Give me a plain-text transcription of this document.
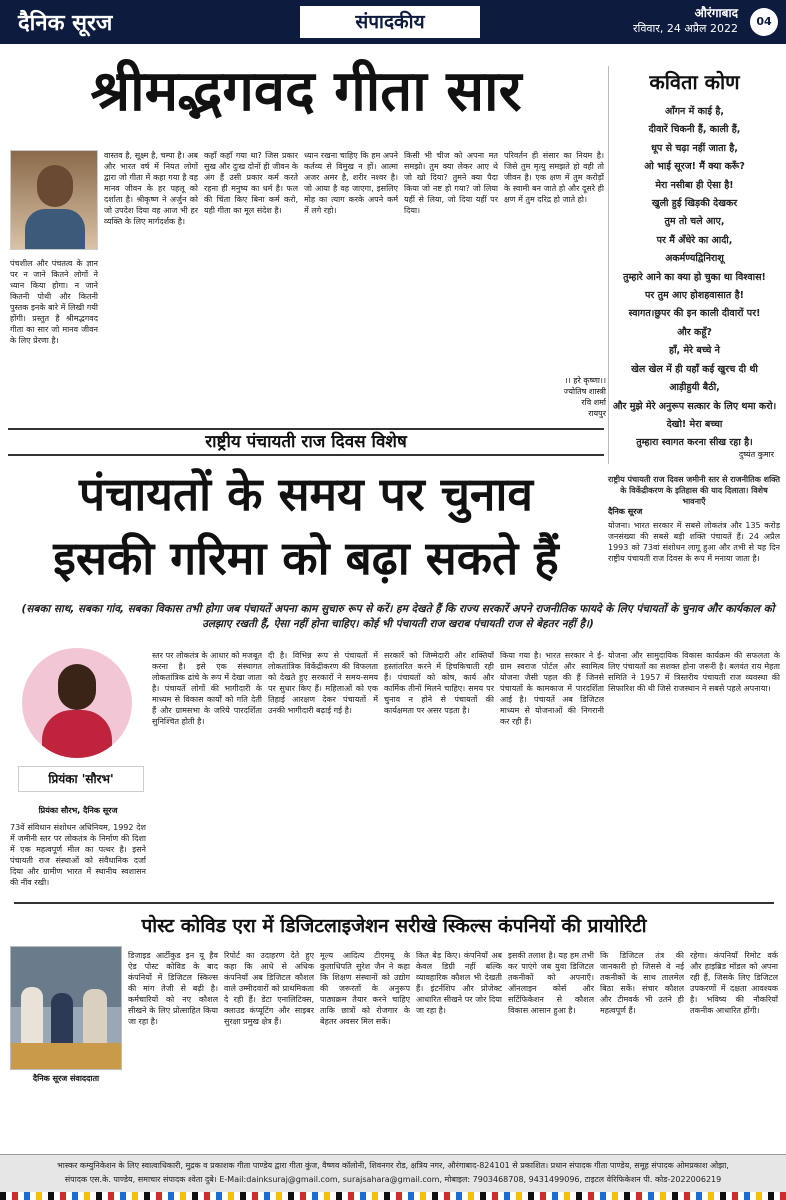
दैनिक सूरज	संपादकीय	औरंगाबाद
रविवार, 24 अप्रैल 2022
04
श्रीमद्भगवद गीता सार
पंचशील और पंचतत्व के ज्ञान पर न जाने कितने लोगों ने ध्यान किया होगा। न जाने कितनी पोथी और कितनी पुस्तक इनके बारे में लिखी गयी होंगी। प्रस्तुत है श्रीमद्भगवद गीता का सार जो मानव जीवन के लिए प्रेरणा है।
वास्तव है, सूक्ष्म है, चम्पा है। अब और भारत वर्ष में नियत लोगों द्वारा जो गीता में कहा गया है वह मानव जीवन के हर पहलू को दर्शाता है। श्रीकृष्ण ने अर्जुन को जो उपदेश दिया वह आज भी हर व्यक्ति के लिए मार्गदर्शक है।
कहाँ कहाँ गया था? जिस प्रकार सुख और दुःख दोनों ही जीवन के अंग हैं उसी प्रकार कर्म करते रहना ही मनुष्य का धर्म है। फल की चिंता किए बिना कर्म करो, यही गीता का मूल संदेश है।
ध्यान रखना चाहिए कि हम अपने कर्तव्य से विमुख न हों। आत्मा अजर अमर है, शरीर नश्वर है। जो आया है वह जाएगा, इसलिए मोह का त्याग करके अपने कर्म में लगे रहो।
किसी भी चीज को अपना मत समझो। तुम क्या लेकर आए थे जो खो दिया? तुमने क्या पैदा किया जो नष्ट हो गया? जो लिया यहीं से लिया, जो दिया यहीं पर दिया।
परिवर्तन ही संसार का नियम है। जिसे तुम मृत्यु समझते हो वही तो जीवन है। एक क्षण में तुम करोड़ों के स्वामी बन जाते हो और दूसरे ही क्षण में तुम दरिद्र हो जाते हो।
।। हरे कृष्णा।।
ज्योतिष शास्त्री
रवि शर्मा
रायपुर
कविता कोण
आँगन में काई है,
दीवारें चिकनी हैं, काली हैं,
धूप से चढ़ा नहीं जाता है,
ओ भाई सूरज! मैं क्या करूँ?
मेरा नसीबा ही ऐसा है!
खुली हुई खिड़की देखकर
तुम तो चले आए,
पर मैं अँधेरे का आदी,
अकर्मण्यद्विनिराशू
तुम्हारे आने का क्या हो चुका था विश्वास!
पर तुम आए होशहवासात है!
स्वागत।छुपर की इन काली दीवारों पर!
और कहूँ?
हाँ, मेरे बच्चे ने
खेल खेल में ही यहाँ कई खुरच दी थी
आड़ीहुयी बैठी,
और मुझे मेरे अनुरूप सत्कार के लिए थमा करो।
देखो! मेरा बच्चा
तुम्हारा स्वागत करना सीख रहा है।
दुष्यंत कुमार
राष्ट्रीय पंचायती राज दिवस विशेष
पंचायतों के समय पर चुनाव
इसकी गरिमा को बढ़ा सकते हैं
राष्ट्रीय पंचायती राज दिवस जमीनी स्तर से राजनीतिक शक्ति के विकेंद्रीकरण के इतिहास की याद दिलाता। विशेष भावनाएँ
दैनिक सूरज
योजना। भारत सरकार में सबसे लोकतंत्र और 135 करोड़ जनसंख्या की सबसे बड़ी शक्ति पंचायतें हैं। 24 अप्रैल 1993 को 73वां संशोधन लागू हुआ और तभी से यह दिन राष्ट्रीय पंचायती राज दिवस के रूप में मनाया जाता है।
(सबका साथ, सबका गांव, सबका विकास तभी होगा जब पंचायतें अपना काम सुचारु रूप से करें। हम देखते हैं कि राज्य सरकारें अपने राजनीतिक फायदे के लिए पंचायतों के चुनाव और कार्यकाल को उलझाए रखती हैं, ऐसा नहीं होना चाहिए। कोई भी पंचायती राज खराब पंचायती राज से बेहतर नहीं है।)
प्रियंका 'सौरभ'
प्रियंका सौरभ, दैनिक सूरज
73वें संविधान संशोधन अधिनियम, 1992 देश में जमीनी स्तर पर लोकतंत्र के निर्माण की दिशा में एक महत्वपूर्ण मील का पत्थर है। इसने पंचायती राज संस्थाओं को संवैधानिक दर्जा दिया और ग्रामीण भारत में स्थानीय स्वशासन की नींव रखी।
स्तर पर लोकतंत्र के आधार को मजबूत करना है। इसे एक संस्थागत लोकतांत्रिक ढांचे के रूप में देखा जाता है। पंचायतें लोगों की भागीदारी के माध्यम से विकास कार्यों को गति देती हैं और ग्रामसभा के जरिये पारदर्शिता सुनिश्चित होती है।
दी है। विभिन्न रूप से पंचायतों में लोकतांत्रिक विकेंद्रीकरण की विफलता को देखते हुए सरकारों ने समय-समय पर सुधार किए हैं। महिलाओं को एक तिहाई आरक्षण देकर पंचायतों में उनकी भागीदारी बढ़ाई गई है।
सरकारें को जिम्मेदारी और शक्तियाँ हस्तांतरित करने में हिचकिचाती रही हैं। पंचायतों को कोष, कार्य और कार्मिक तीनों मिलने चाहिए। समय पर चुनाव न होने से पंचायतों की कार्यक्षमता पर असर पड़ता है।
किया गया है। भारत सरकार ने ई-ग्राम स्वराज पोर्टल और स्वामित्व योजना जैसी पहल की हैं जिनसे पंचायतों के कामकाज में पारदर्शिता आई है। पंचायतें अब डिजिटल माध्यम से योजनाओं की निगरानी कर रही हैं।
योजना और सामुदायिक विकास कार्यक्रम की सफलता के लिए पंचायतों का सशक्त होना जरूरी है। बलवंत राय मेहता समिति ने 1957 में त्रिस्तरीय पंचायती राज व्यवस्था की सिफारिश की थी जिसे राजस्थान ने सबसे पहले अपनाया।
पोस्ट कोविड एरा में डिजिटलाइजेशन सरीखे स्किल्स कंपनियों की प्रायोरिटी
दैनिक सूरज संवाददाता
डिजाइड आर्टीकुड इन यू हैव ऐड पोस्ट कोविड के बाद कंपनियों में डिजिटल स्किल्स की मांग तेजी से बढ़ी है। कर्मचारियों को नए कौशल सीखने के लिए प्रोत्साहित किया जा रहा है।
रिपोर्ट का उदाहरण देते हुए कहा कि आधे से अधिक कंपनियाँ अब डिजिटल कौशल वाले उम्मीदवारों को प्राथमिकता दे रही हैं। डेटा एनालिटिक्स, क्लाउड कंप्यूटिंग और साइबर सुरक्षा प्रमुख क्षेत्र हैं।
मूल्य आदित्य टीएमयू के कुलाधिपति सुरेश जैन ने कहा कि शिक्षण संस्थानों को उद्योग की जरूरतों के अनुरूप पाठ्यक्रम तैयार करने चाहिए ताकि छात्रों को रोजगार के बेहतर अवसर मिल सकें।
कित बेड़ किए। कंपनियाँ अब केवल डिग्री नहीं बल्कि व्यावहारिक कौशल भी देखती हैं। इंटर्नशिप और प्रोजेक्ट आधारित सीखने पर जोर दिया जा रहा है।
इसकी तलाश है। यह हम तभी कर पाएंगे जब युवा डिजिटल तकनीकों को अपनाएँ। ऑनलाइन कोर्स और सर्टिफिकेशन से कौशल विकास आसान हुआ है।
कि डिजिटल तंत्र की जानकारी हो जिससे वे नई तकनीकों के साथ तालमेल बिठा सकें। संचार कौशल और टीमवर्क भी उतने ही महत्वपूर्ण हैं।
रहेगा। कंपनियाँ रिमोट वर्क और हाइब्रिड मॉडल को अपना रही हैं, जिसके लिए डिजिटल उपकरणों में दक्षता आवश्यक है। भविष्य की नौकरियाँ तकनीक आधारित होंगी।
भास्कर कम्युनिकेशन के लिए स्वात्वाधिकारी, मुद्रक व प्रकाशक गीता पाण्डेय द्वारा गीता कुंज, वैष्णव कॉलोनी, शिवनगर रोड, क्षत्रिय नगर, औरंगाबाद-824101 से प्रकाशित। प्रधान संपादक गीता पाण्डेय, समूह संपादक ओमप्रकाश ओझा,
संपादक एस.के. पाण्डेय, समाचार संपादक श्वेता दुबे। E-Mail:dainksuraj@gmail.com, surajsahara@gmail.com, मोबाइल: 7903468708, 9431499096, टाइटल वेरिफिकेशन पी. कोड-2022006219
